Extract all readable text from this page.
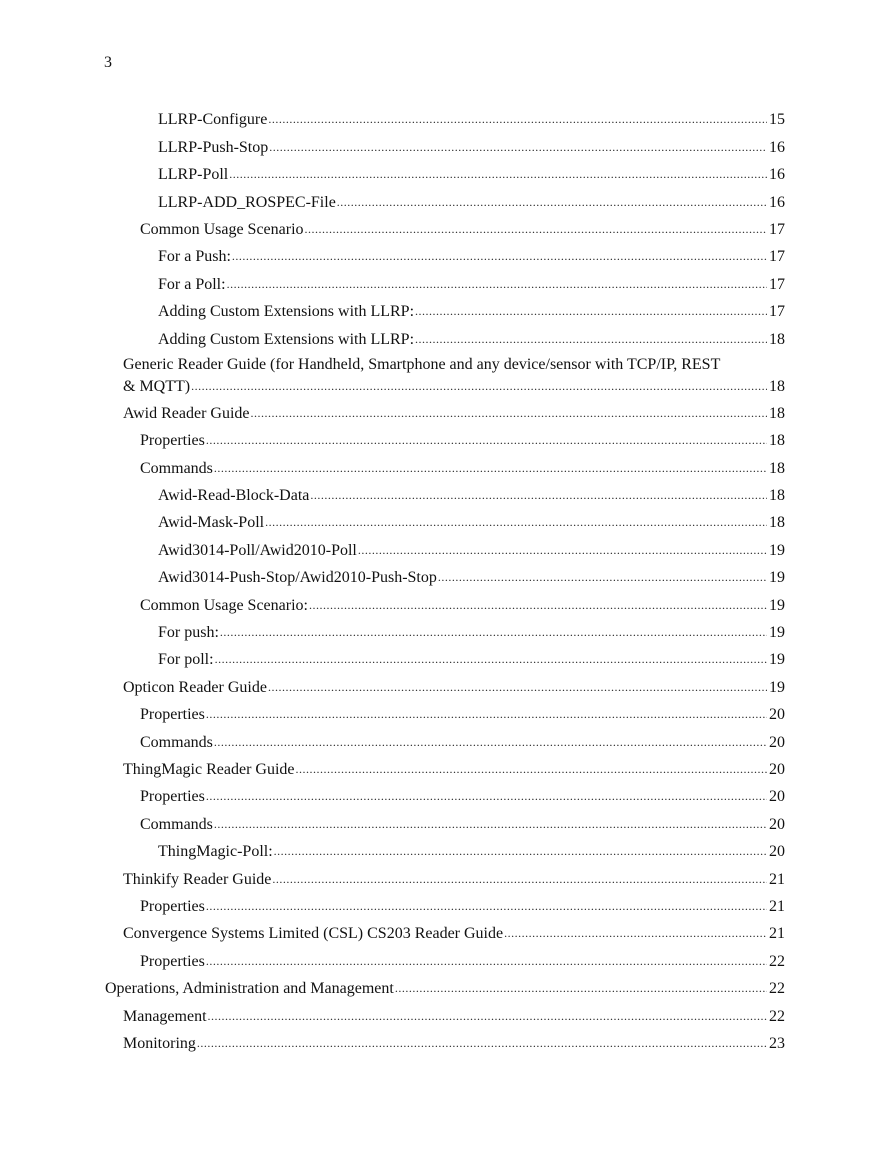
3
LLRP-Configure .....	15
LLRP-Push-Stop .....	16
LLRP-Poll .....	16
LLRP-ADD_ROSPEC-File .....	16
Common Usage Scenario .....	17
For a Push: .....	17
For a Poll: .....	17
Adding Custom Extensions with LLRP: .....	17
Adding Custom Extensions with LLRP: .....	18
Generic Reader Guide (for Handheld, Smartphone and any device/sensor with TCP/IP, REST
& MQTT) .....	18
Awid Reader Guide .....	18
Properties .....	18
Commands .....	18
Awid-Read-Block-Data .....	18
Awid-Mask-Poll .....	18
Awid3014-Poll/Awid2010-Poll .....	19
Awid3014-Push-Stop/Awid2010-Push-Stop .....	19
Common Usage Scenario: .....	19
For push: .....	19
For poll: .....	19
Opticon Reader Guide .....	19
Properties .....	20
Commands .....	20
ThingMagic Reader Guide .....	20
Properties .....	20
Commands .....	20
ThingMagic-Poll: .....	20
Thinkify Reader Guide .....	21
Properties .....	21
Convergence Systems Limited (CSL) CS203 Reader Guide .....	21
Properties .....	22
Operations, Administration and Management .....	22
Management .....	22
Monitoring .....	23
